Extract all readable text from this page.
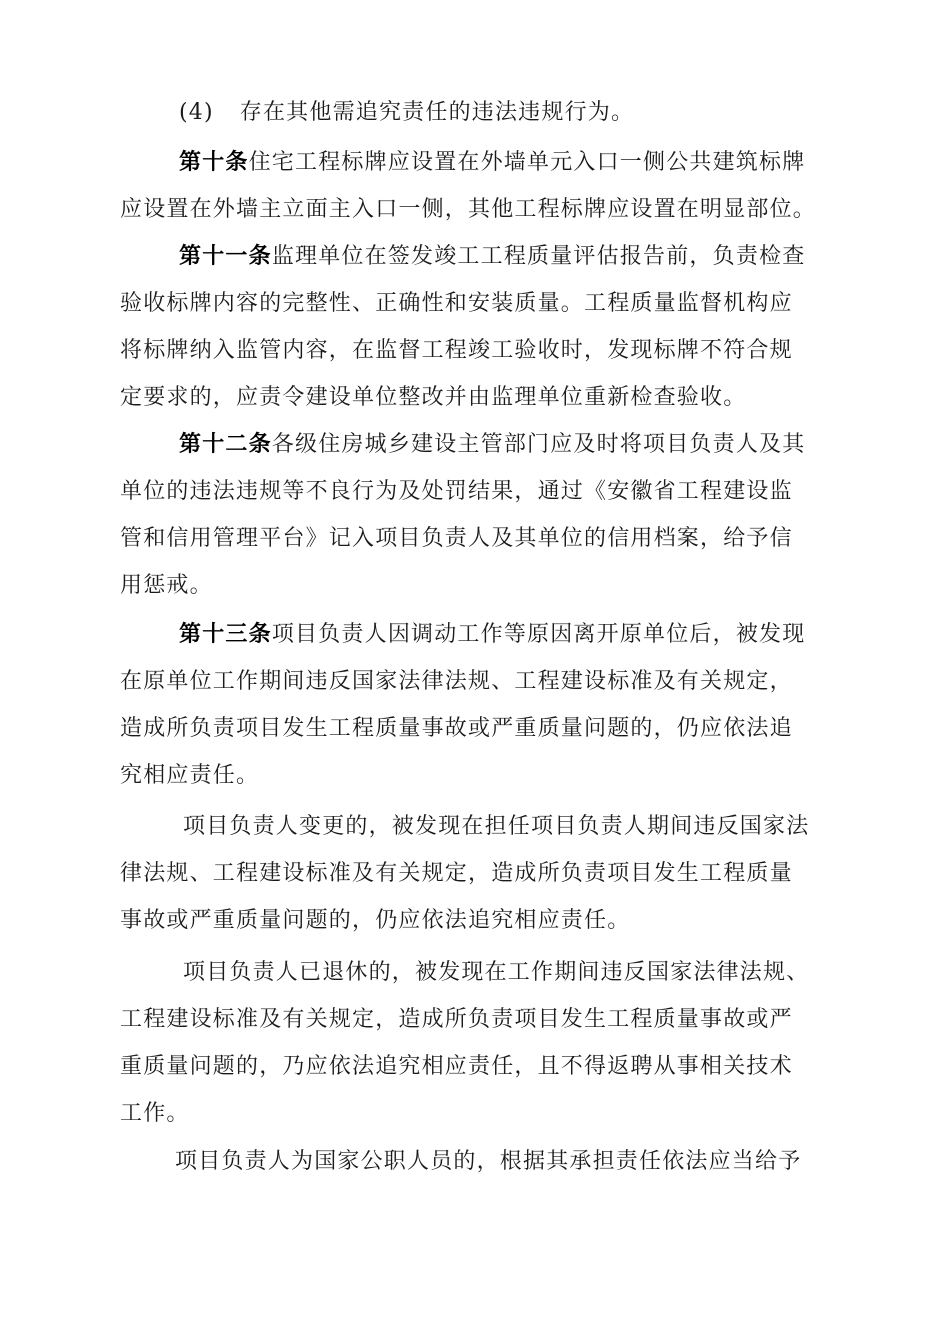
(4) 存在其他需追究责任的违法违规行为。
第十条住宅工程标牌应设置在外墙单元入口一侧公共建筑标牌
应设置在外墙主立面主入口一侧，其他工程标牌应设置在明显部位。
第十一条监理单位在签发竣工工程质量评估报告前，负责检查
验收标牌内容的完整性、正确性和安装质量。工程质量监督机构应
将标牌纳入监管内容，在监督工程竣工验收时，发现标牌不符合规
定要求的，应责令建设单位整改并由监理单位重新检查验收。
第十二条各级住房城乡建设主管部门应及时将项目负责人及其
单位的违法违规等不良行为及处罚结果，通过《安徽省工程建设监
管和信用管理平台》记入项目负责人及其单位的信用档案，给予信
用惩戒。
第十三条项目负责人因调动工作等原因离开原单位后，被发现
在原单位工作期间违反国家法律法规、工程建设标准及有关规定，
造成所负责项目发生工程质量事故或严重质量问题的，仍应依法追
究相应责任。
项目负责人变更的，被发现在担任项目负责人期间违反国家法
律法规、工程建设标准及有关规定，造成所负责项目发生工程质量
事故或严重质量问题的，仍应依法追究相应责任。
项目负责人已退休的，被发现在工作期间违反国家法律法规、
工程建设标准及有关规定，造成所负责项目发生工程质量事故或严
重质量问题的，乃应依法追究相应责任，且不得返聘从事相关技术
工作。
项目负责人为国家公职人员的，根据其承担责任依法应当给予
